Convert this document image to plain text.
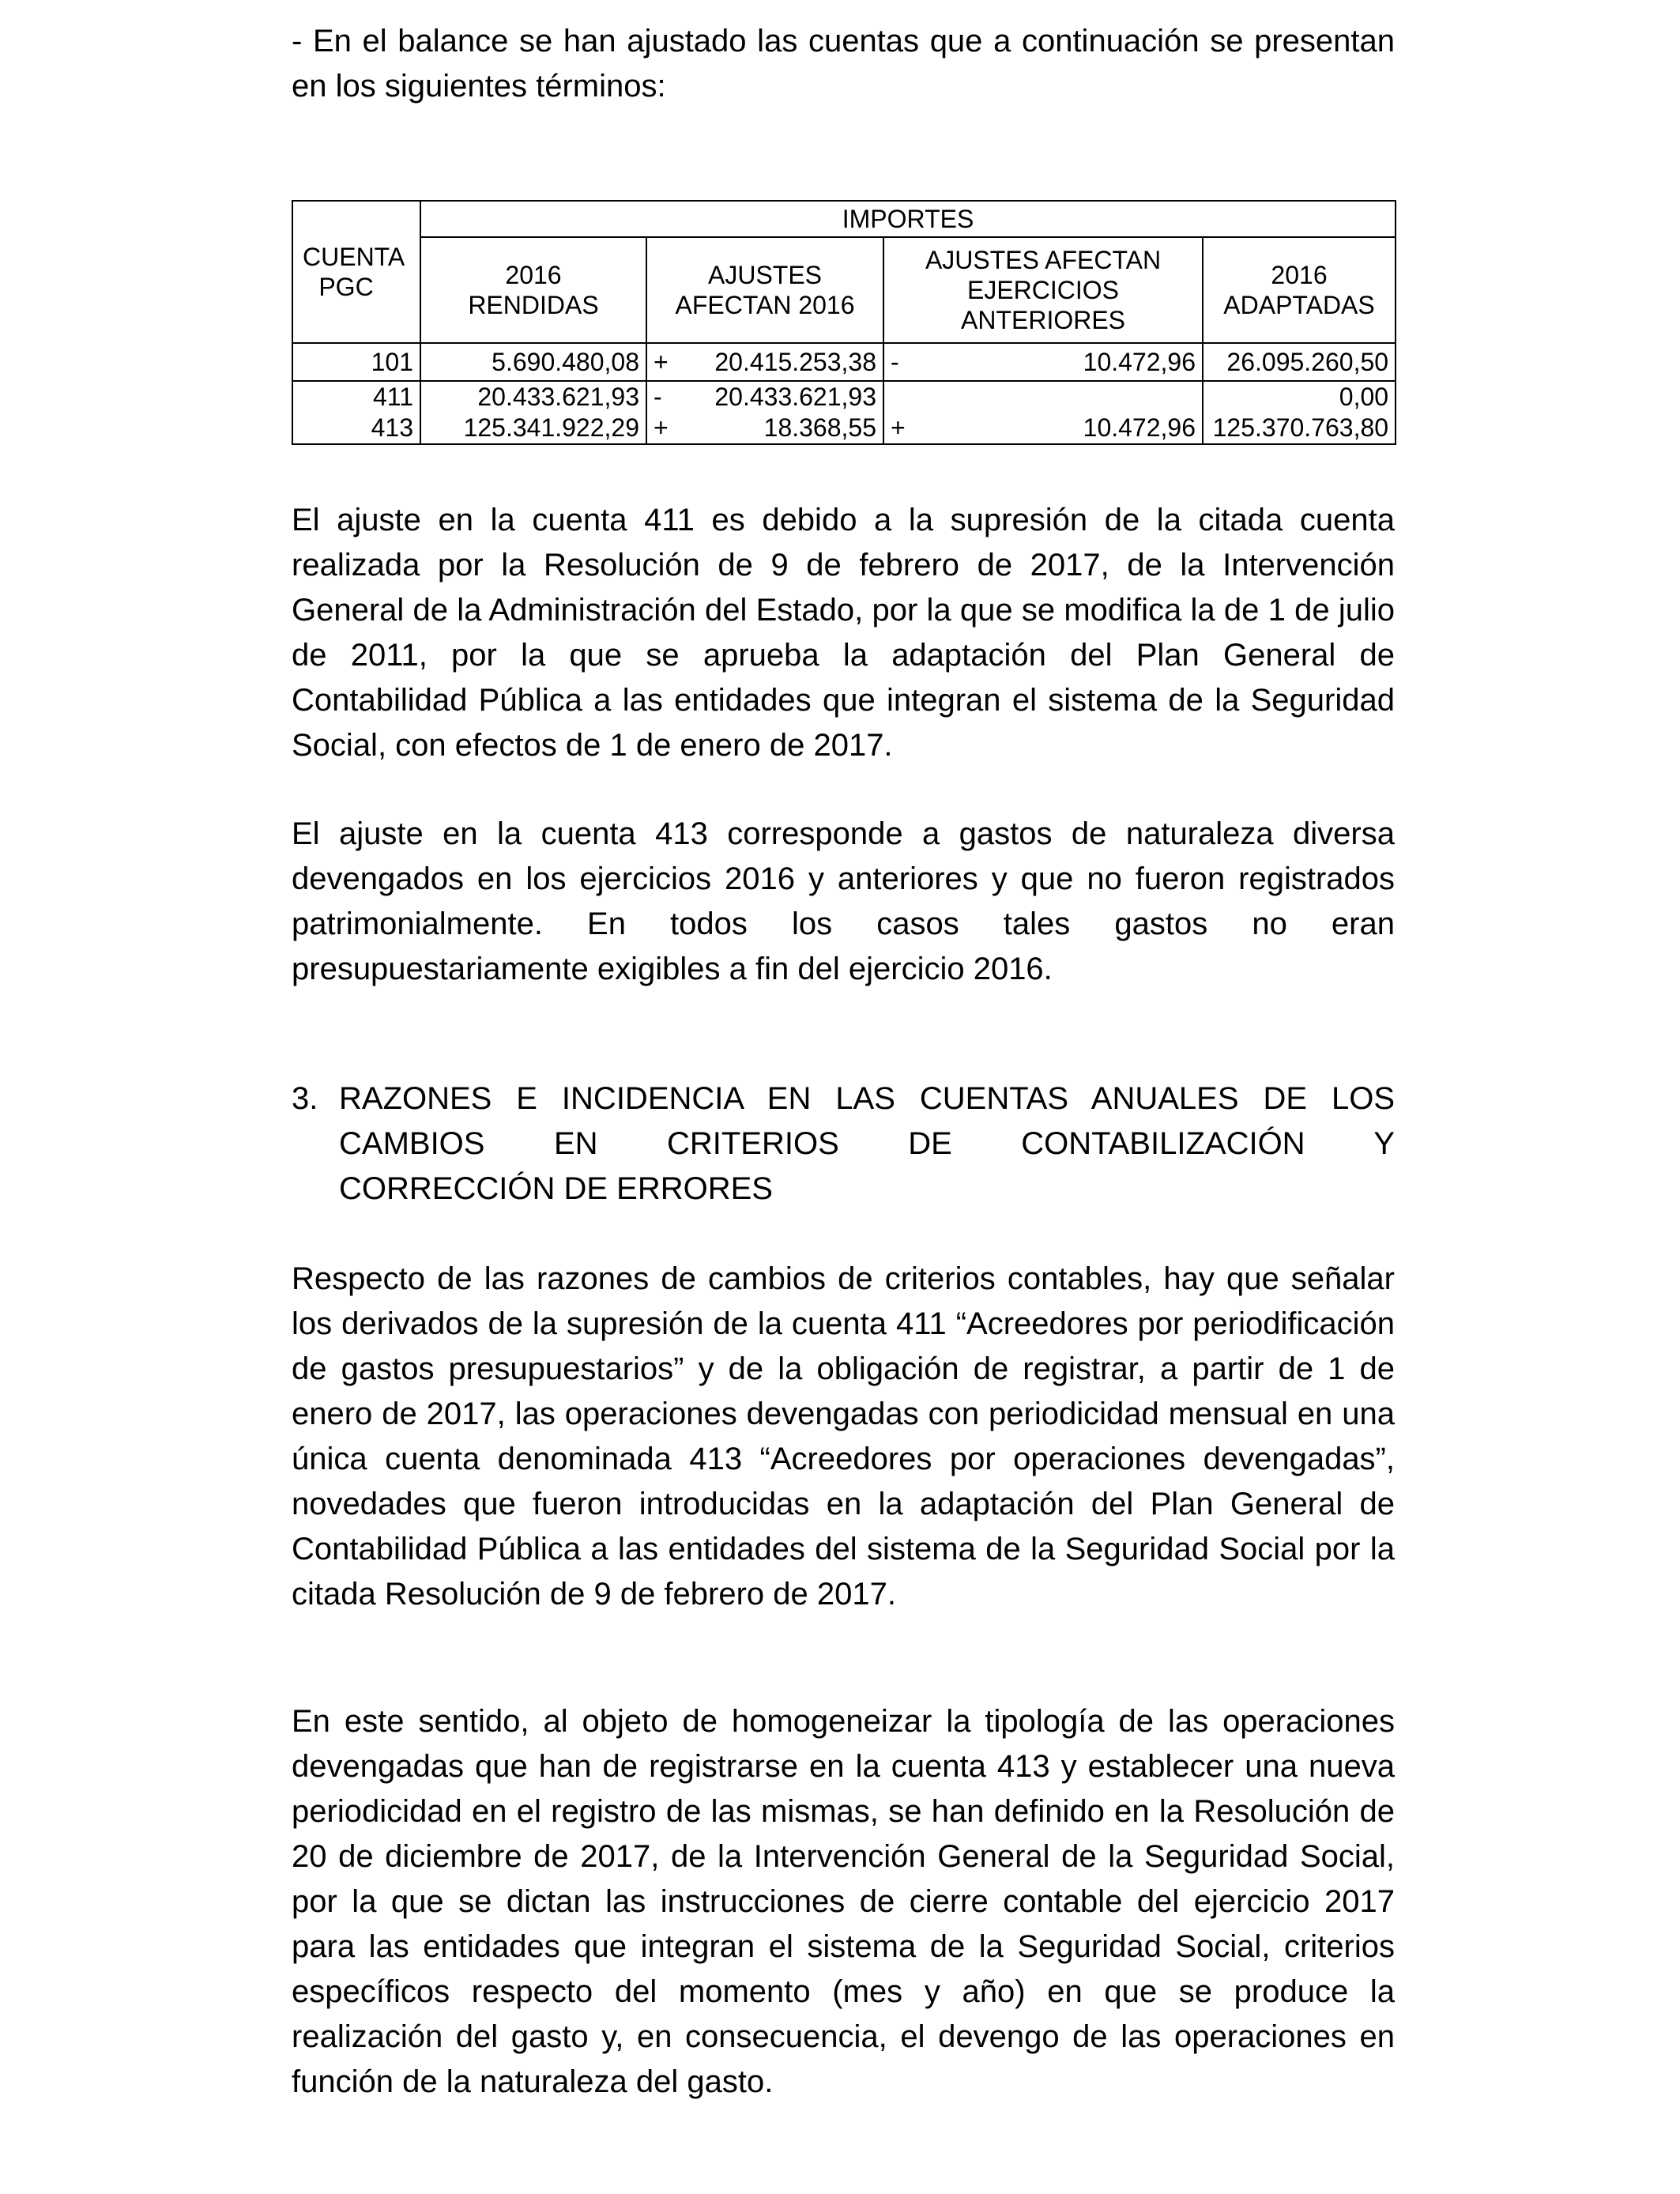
- En el balance se han ajustado las cuentas que a continuación se presentan en los siguientes términos:

CUENTA PGC	IMPORTES					

	2016 RENDIDAS	AJUSTES AFECTAN 2016		AJUSTES AFECTAN EJERCICIOS ANTERIORES		2016 ADAPTADAS

101	5.690.480,08	+	20.415.253,38	-	10.472,96	26.095.260,50
411	20.433.621,93	-	20.433.621,93			0,00
413	125.341.922,29	+	18.368,55	+	10.472,96	125.370.763,80

El ajuste en la cuenta 411 es debido a la supresión de la citada cuenta realizada por la Resolución de 9 de febrero de 2017, de la Intervención General de la Administración del Estado, por la que se modifica la de 1 de julio de 2011, por la que se aprueba la adaptación del Plan General de Contabilidad Pública a las entidades que integran el sistema de la Seguridad Social, con efectos de 1 de enero de 2017.

El ajuste en la cuenta 413 corresponde a gastos de naturaleza diversa devengados en los ejercicios 2016 y anteriores y que no fueron registrados patrimonialmente. En todos los casos tales gastos no eran presupuestariamente exigibles a fin del ejercicio 2016.

3. RAZONES E INCIDENCIA EN LAS CUENTAS ANUALES DE LOS
CAMBIOS EN CRITERIOS DE CONTABILIZACIÓN Y
CORRECCIÓN DE ERRORES

Respecto de las razones de cambios de criterios contables, hay que señalar los derivados de la supresión de la cuenta 411 “Acreedores por periodificación de gastos presupuestarios” y de la obligación de registrar, a partir de 1 de enero de 2017, las operaciones devengadas con periodicidad mensual en una única cuenta denominada 413 “Acreedores por operaciones devengadas”, novedades que fueron introducidas en la adaptación del Plan General de Contabilidad Pública a las entidades del sistema de la Seguridad Social por la citada Resolución de 9 de febrero de 2017.

En este sentido, al objeto de homogeneizar la tipología de las operaciones devengadas que han de registrarse en la cuenta 413 y establecer una nueva periodicidad en el registro de las mismas, se han definido en la Resolución de 20 de diciembre de 2017, de la Intervención General de la Seguridad Social, por la que se dictan las instrucciones de cierre contable del ejercicio 2017 para las entidades que integran el sistema de la Seguridad Social, criterios específicos respecto del momento (mes y año) en que se produce la realización del gasto y, en consecuencia, el devengo de las operaciones en función de la naturaleza del gasto.
